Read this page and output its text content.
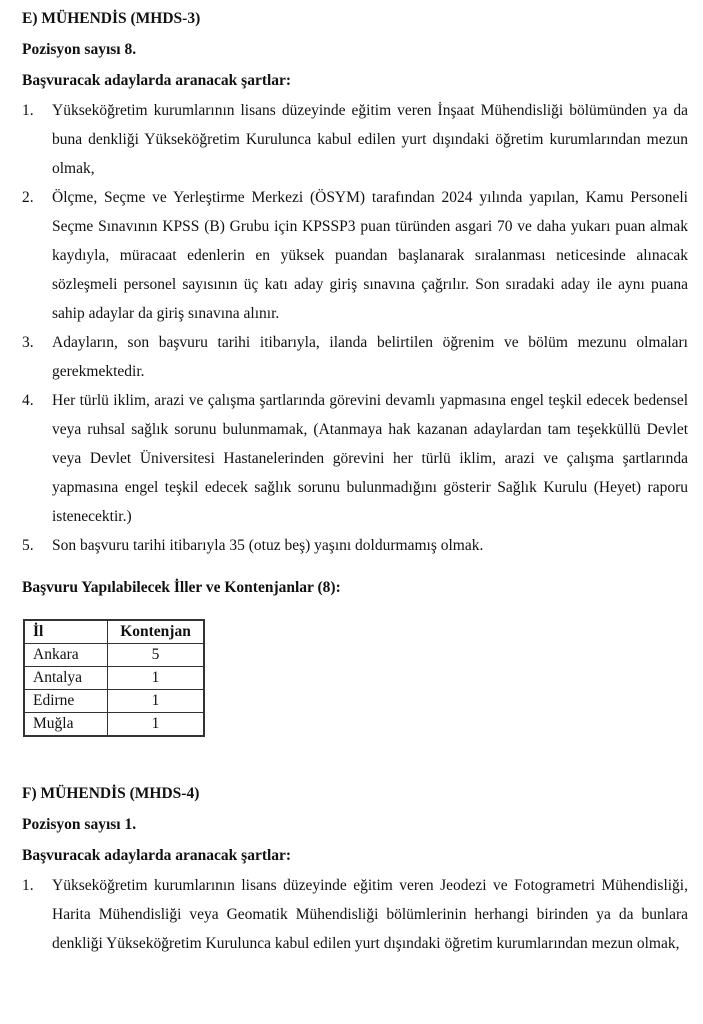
E) MÜHENDİS (MHDS-3)

Pozisyon sayısı 8.

Başvuracak adaylarda aranacak şartlar:

1. Yükseköğretim kurumlarının lisans düzeyinde eğitim veren İnşaat Mühendisliği bölümünden ya da buna denkliği Yükseköğretim Kurulunca kabul edilen yurt dışındaki öğretim kurumlarından mezun olmak,
2. Ölçme, Seçme ve Yerleştirme Merkezi (ÖSYM) tarafından 2024 yılında yapılan, Kamu Personeli Seçme Sınavının KPSS (B) Grubu için KPSSP3 puan türünden asgari 70 ve daha yukarı puan almak kaydıyla, müracaat edenlerin en yüksek puandan başlanarak sıralanması neticesinde alınacak sözleşmeli personel sayısının üç katı aday giriş sınavına çağrılır. Son sıradaki aday ile aynı puana sahip adaylar da giriş sınavına alınır.
3. Adayların, son başvuru tarihi itibarıyla, ilanda belirtilen öğrenim ve bölüm mezunu olmaları gerekmektedir.
4. Her türlü iklim, arazi ve çalışma şartlarında görevini devamlı yapmasına engel teşkil edecek bedensel veya ruhsal sağlık sorunu bulunmamak, (Atanmaya hak kazanan adaylardan tam teşekküllü Devlet veya Devlet Üniversitesi Hastanelerinden görevini her türlü iklim, arazi ve çalışma şartlarında yapmasına engel teşkil edecek sağlık sorunu bulunmadığını gösterir Sağlık Kurulu (Heyet) raporu istenecektir.)
5. Son başvuru tarihi itibarıyla 35 (otuz beş) yaşını doldurmamış olmak.

Başvuru Yapılabilecek İller ve Kontenjanlar (8):

İl	Kontenjan
Ankara	5
Antalya	1
Edirne	1
Muğla	1

F) MÜHENDİS (MHDS-4)

Pozisyon sayısı 1.

Başvuracak adaylarda aranacak şartlar:

1. Yükseköğretim kurumlarının lisans düzeyinde eğitim veren Jeodezi ve Fotogrametri Mühendisliği, Harita Mühendisliği veya Geomatik Mühendisliği bölümlerinin herhangi birinden ya da bunlara denkliği Yükseköğretim Kurulunca kabul edilen yurt dışındaki öğretim kurumlarından mezun olmak,
